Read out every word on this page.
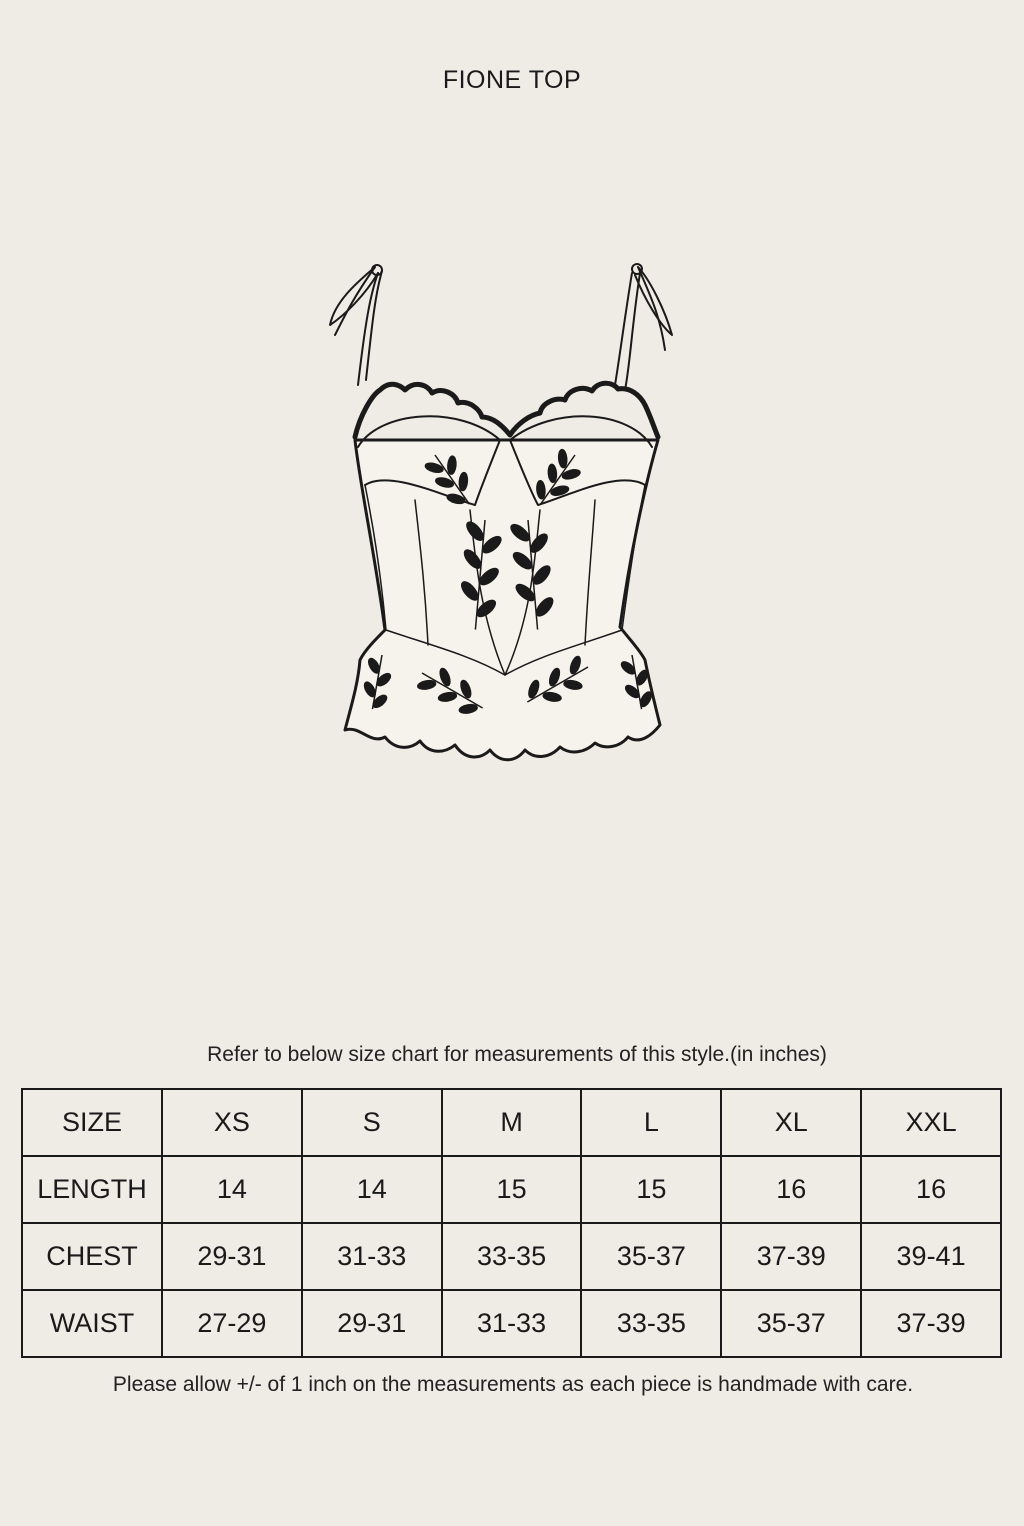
FIONE TOP
Refer to below size chart for measurements of this style.(in inches)
SIZE	XS	S	M	L	XL	XXL
LENGTH	14	14	15	15	16	16
CHEST	29-31	31-33	33-35	35-37	37-39	39-41
WAIST	27-29	29-31	31-33	33-35	35-37	37-39
Please allow +/- of 1 inch on the measurements as each piece is handmade with care.
